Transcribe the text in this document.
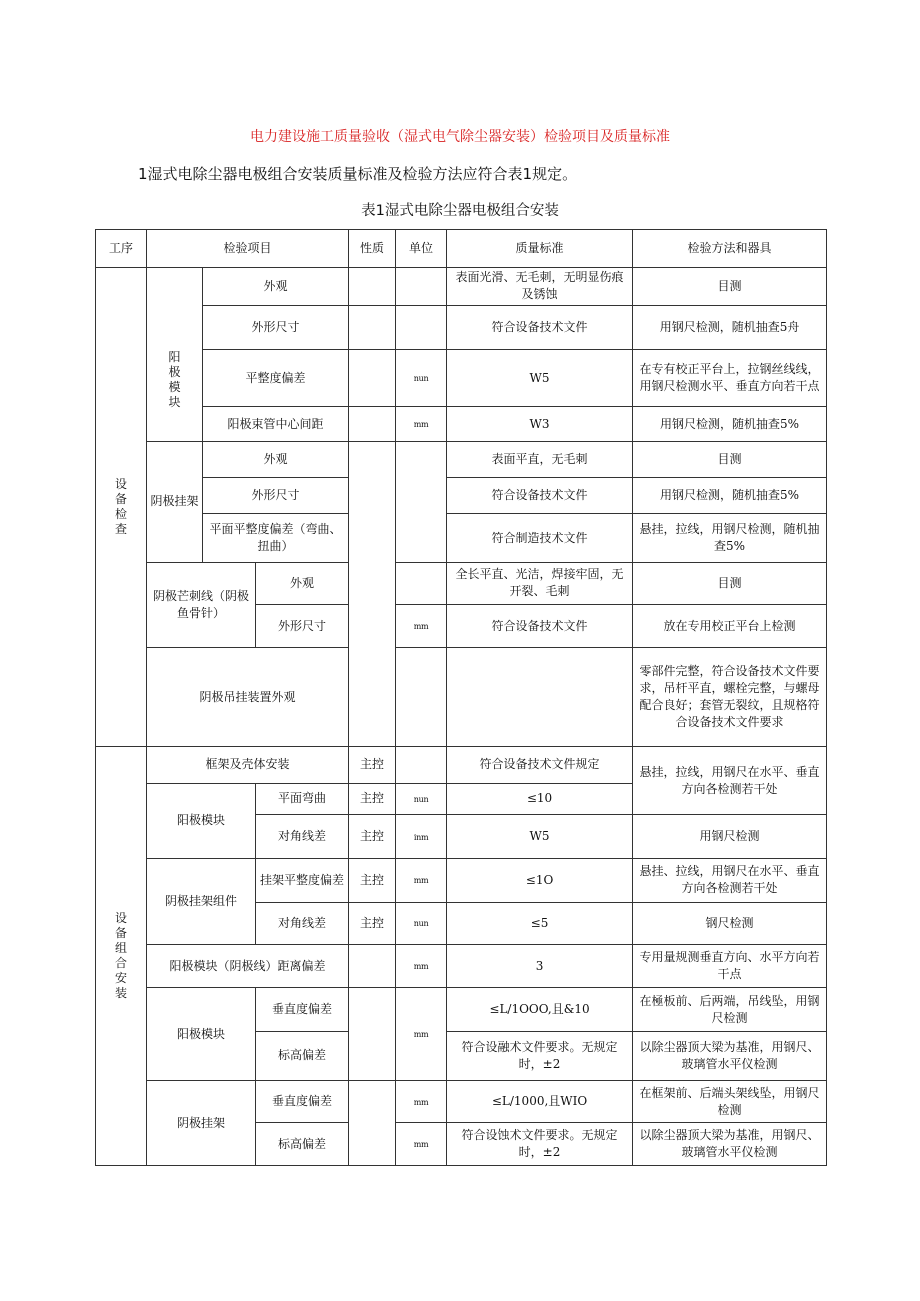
电力建设施工质量验收（湿式电气除尘器安装）检验项目及质量标准
1湿式电除尘器电极组合安装质量标准及检验方法应符合表1规定。
表1湿式电除尘器电极组合安装
工序	检验项目			性质	单位	质量标准	检验方法和器具	
设备检查	阳极模块	外观				表面光滑、无毛刺，无明显伤痕及锈蚀	目测	
		外形尺寸				符合设备技术文件	用钢尺检测，随机抽查5舟	
		平整度偏差			nun	W5	在专有校正平台上，拉钢丝线线，用钢尺检测水平、垂直方向若干点	
		阳极束管中心间距			mm	W3	用钢尺检测，随机抽查5%	
	阴极挂架	外观				表面平直，无毛刺	目测	
		外形尺寸				符合设备技术文件	用钢尺检测，随机抽查5%	
		平面平整度偏差（弯曲、扭曲）				符合制造技术文件	悬挂，拉线，用钢尺检测，随机抽查5%	
	阴极芒刺线（阴极鱼骨针）		外观			全长平直、光洁，焊接牢固，无开裂、毛刺	目测	
			外形尺寸		mm	符合设备技术文件	放在专用校正平台上检测	
	阴极吊挂装置外观						零部件完整，符合设备技术文件要求，吊杆平直，螺栓完整，与螺母配合良好；套管无裂纹，且规格符合设备技术文件要求	
设备组合安装	框架及壳体安装			主控		符合设备技术文件规定	悬挂，拉线，用钢尺在水平、垂直方向各检测若干处	
	阳极模块		平面弯曲	主控	nun	≤10		
			对角线差	主控	inm	W5	用钢尺检测	
	阴极挂架组件		挂架平整度偏差	主控	mm	≤1O	悬挂、拉线，用钢尺在水平、垂直方向各检测若干处	
			对角线差	主控	nun	≤5	钢尺检测	
	阳极模块（阴极线）距离偏差				mm	3	专用量规测垂直方向、水平方向若干点	
	阳极模块		垂直度偏差		mm	≤L/1OOO,且&10	在極板前、后两端，吊线坠，用钢尺检测	
			标高偏差			符合设融术文件要求。无规定时，±2	以除尘器顶大梁为基准，用钢尺、玻璃管水平仪检测	
	阴极挂架		垂直度偏差		mm	≤L/1000,且WIO	在框架前、后端头架线坠，用钢尺检测	
			标高偏差		mm	符合设蚀术文件要求。无规定时，±2	以除尘器顶大梁为基准，用钢尺、玻璃管水平仪检测	
